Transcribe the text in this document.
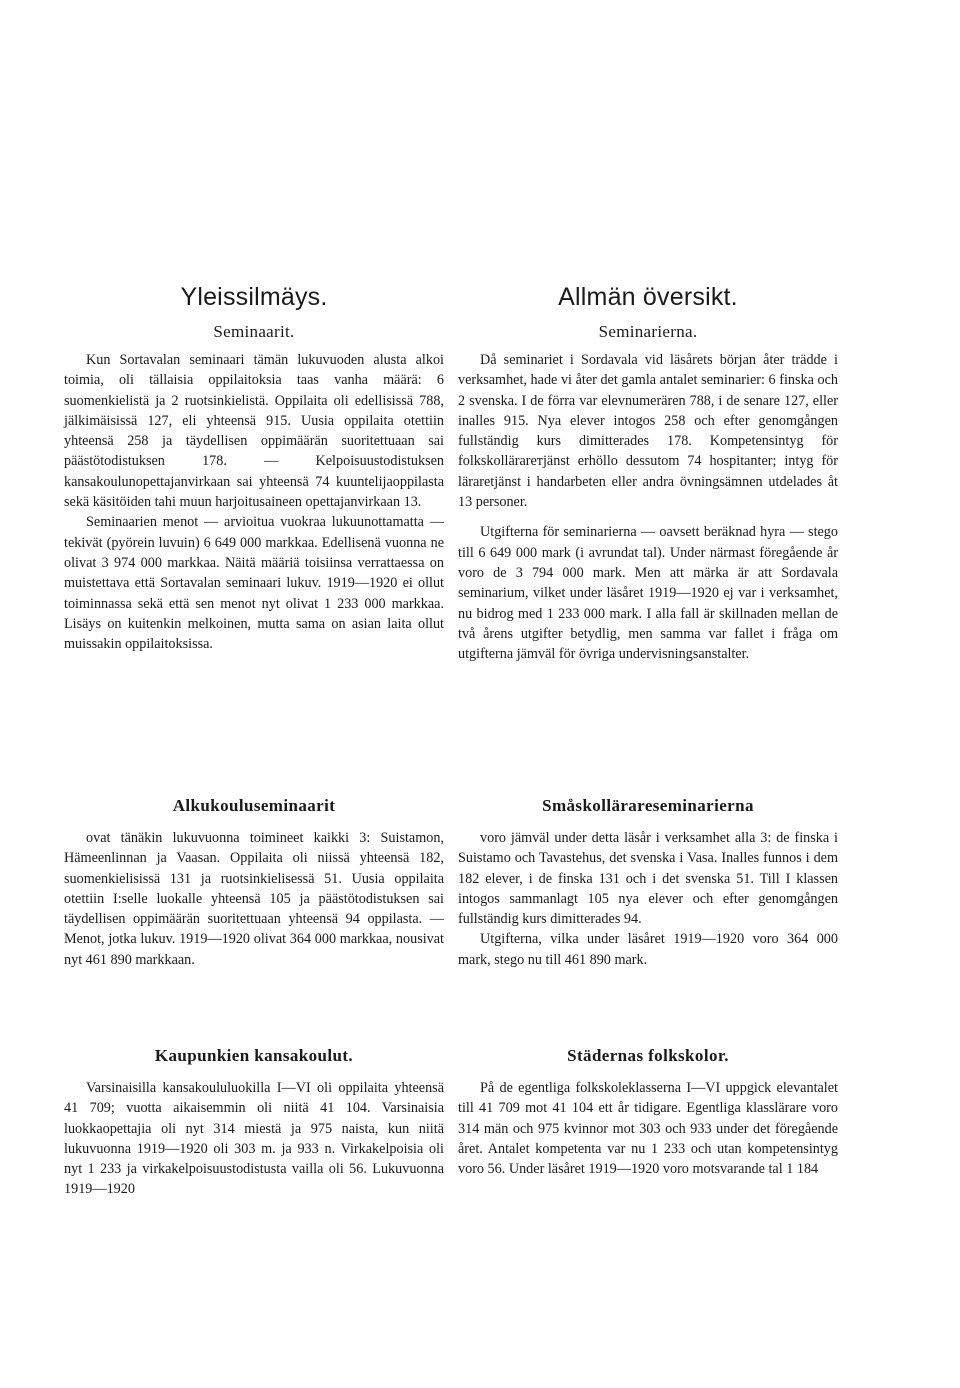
Yleissilmäys.
Seminaarit.

Kun Sortavalan seminaari tämän lukuvuoden alusta alkoi toimia, oli tällaisia oppilaitoksia taas vanha määrä: 6 suomenkielistä ja 2 ruotsinkielistä. Oppilaita oli edellisissä 788, jälkimäisissä 127, eli yhteensä 915. Uusia oppilaita otettiin yhteensä 258 ja täydellisen oppimäärän suoritettuaan sai päästötodistuksen 178. — Kelpoisuustodistuksen kansakoulunopettajanvirkaan sai yhteensä 74 kuuntelijaoppilasta sekä käsitöiden tahi muun harjoitusaineen opettajanvirkaan 13.

Seminaarien menot — arvioitua vuokraa lukuunottamatta — tekivät (pyörein luvuin) 6 649 000 markkaa. Edellisenä vuonna ne olivat 3 974 000 markkaa. Näitä määriä toisiinsa verrattaessa on muistettava että Sortavalan seminaari lukuv. 1919—1920 ei ollut toiminnassa sekä että sen menot nyt olivat 1 233 000 markkaa. Lisäys on kuitenkin melkoinen, mutta sama on asian laita ollut muissakin oppilaitoksissa.

Alkukouluseminaarit

ovat tänäkin lukuvuonna toimineet kaikki 3: Suistamon, Hämeenlinnan ja Vaasan. Oppilaita oli niissä yhteensä 182, suomenkielisissä 131 ja ruotsinkielisessä 51. Uusia oppilaita otettiin I:selle luokalle yhteensä 105 ja päästötodistuksen sai täydellisen oppimäärän suoritettuaan yhteensä 94 oppilasta. — Menot, jotka lukuv. 1919—1920 olivat 364 000 markkaa, nousivat nyt 461 890 markkaan.

Kaupunkien kansakoulut.

Varsinaisilla kansakoululuokilla I—VI oli oppilaita yhteensä 41 709; vuotta aikaisemmin oli niitä 41 104. Varsinaisia luokkaopettajia oli nyt 314 miestä ja 975 naista, kun niitä lukuvuonna 1919—1920 oli 303 m. ja 933 n. Virkakelpoisia oli nyt 1 233 ja virkakelpoisuustodistusta vailla oli 56. Lukuvuonna 1919—1920

Allmän översikt.
Seminarierna.

Då seminariet i Sordavala vid läsårets början åter trädde i verksamhet, hade vi åter det gamla antalet seminarier: 6 finska och 2 svenska. I de förra var elevnumerären 788, i de senare 127, eller inalles 915. Nya elever intogos 258 och efter genomgången fullständig kurs dimitterades 178. Kompetensintyg för folkskollärarетjänst erhöllo dessutom 74 hospitanter; intyg för läraretjänst i handarbeten eller andra övningsämnen utdelades åt 13 personer.

Utgifterna för seminarierna — oavsett beräknad hyra — stego till 6 649 000 mark (i avrundat tal). Under närmast föregående år voro de 3 794 000 mark. Men att märka är att Sordavala seminarium, vilket under läsåret 1919—1920 ej var i verksamhet, nu bidrog med 1 233 000 mark. I alla fall är skillnaden mellan de två årens utgifter betydlig, men samma var fallet i fråga om utgifterna jämväl för övriga undervisningsanstalter.

Småskollärareseminarierna

voro jämväl under detta läsår i verksamhet alla 3: de finska i Suistamo och Tavastehus, det svenska i Vasa. Inalles funnos i dem 182 elever, i de finska 131 och i det svenska 51. Till I klassen intogos sammanlagt 105 nya elever och efter genomgången fullständig kurs dimitterades 94.

Utgifterna, vilka under läsåret 1919—1920 voro 364 000 mark, stego nu till 461 890 mark.

Städernas folkskolor.

På de egentliga folkskoleklasserna I—VI uppgick elevantalet till 41 709 mot 41 104 ett år tidigare. Egentliga klasslärare voro 314 män och 975 kvinnor mot 303 och 933 under det föregående året. Antalet kompetenta var nu 1 233 och utan kompetensintyg voro 56. Under läsåret 1919—1920 voro motsvarande tal 1 184
